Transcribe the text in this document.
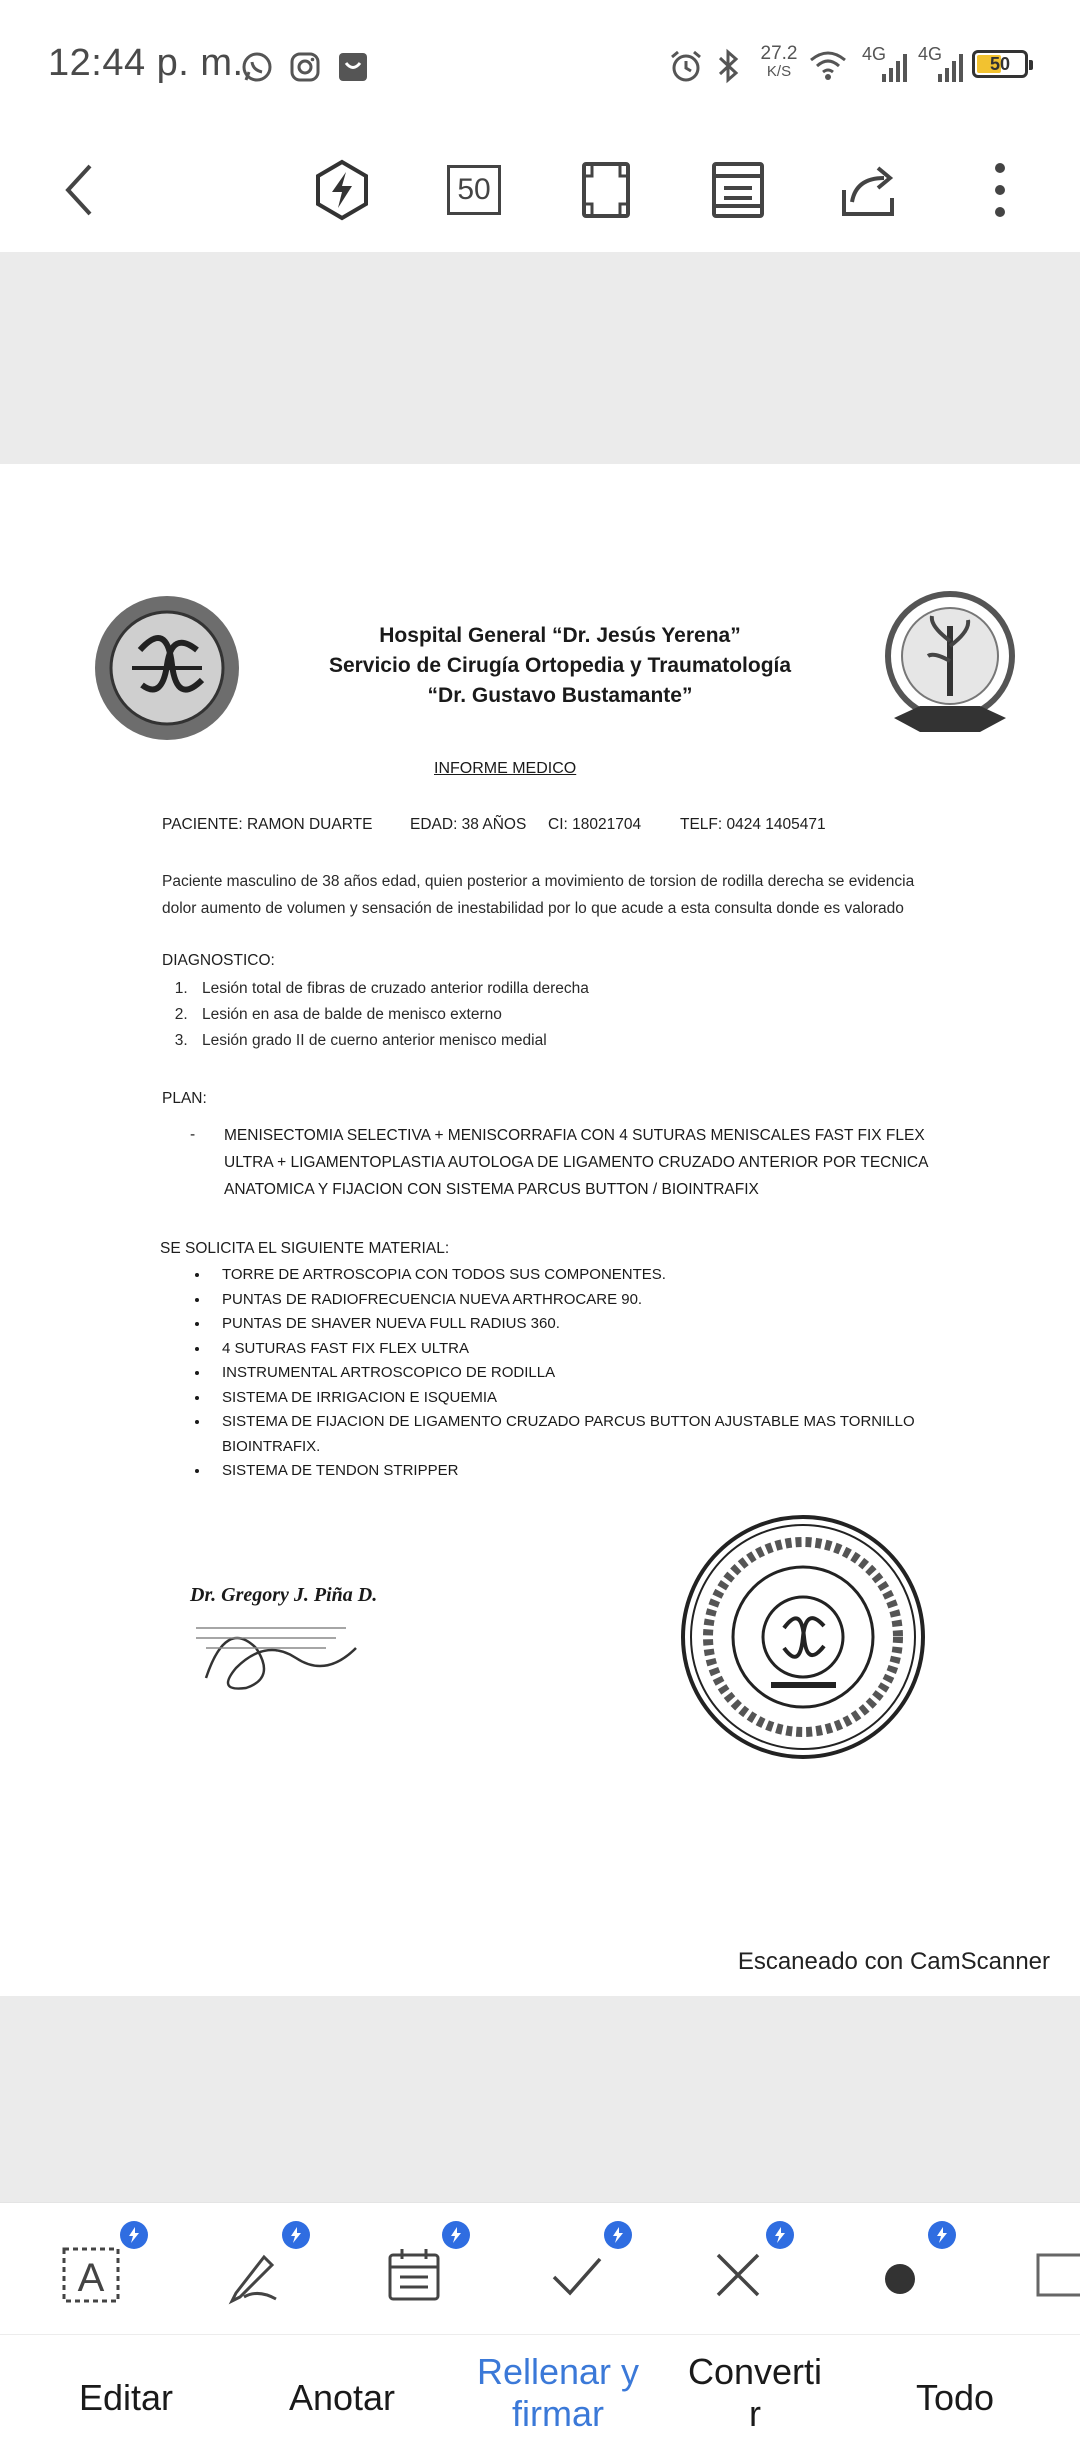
12:44 p. m.	27.2
K/S
4G 4G	50
50
Hospital General “Dr. Jesús Yerena”
Servicio de Cirugía Ortopedia y Traumatología
“Dr. Gustavo Bustamante”
INFORME MEDICO
PACIENTE: RAMON DUARTE EDAD: 38 AÑOS CI: 18021704	TELF: 0424 1405471
Paciente masculino de 38 años edad, quien posterior a movimiento de torsion de rodilla derecha se evidencia dolor aumento de volumen y sensación de inestabilidad por lo que acude a esta consulta donde es valorado
DIAGNOSTICO:
1. Lesión total de fibras de cruzado anterior rodilla derecha
2. Lesión en asa de balde de menisco externo
3. Lesión grado II de cuerno anterior menisco medial
PLAN:
- MENISECTOMIA SELECTIVA + MENISCORRAFIA CON 4 SUTURAS MENISCALES FAST FIX FLEX ULTRA + LIGAMENTOPLASTIA AUTOLOGA DE LIGAMENTO CRUZADO ANTERIOR POR TECNICA ANATOMICA Y FIJACION CON SISTEMA PARCUS BUTTON / BIOINTRAFIX
SE SOLICITA EL SIGUIENTE MATERIAL:
• TORRE DE ARTROSCOPIA CON TODOS SUS COMPONENTES.
• PUNTAS DE RADIOFRECUENCIA NUEVA ARTHROCARE 90.
• PUNTAS DE SHAVER NUEVA FULL RADIUS 360.
• 4 SUTURAS FAST FIX FLEX ULTRA
• INSTRUMENTAL ARTROSCOPICO DE RODILLA
• SISTEMA DE IRRIGACION E ISQUEMIA
• SISTEMA DE FIJACION DE LIGAMENTO CRUZADO PARCUS BUTTON AJUSTABLE MAS TORNILLO BIOINTRAFIX.
• SISTEMA DE TENDON STRIPPER
Dr. Gregory J. Piña D.
Escaneado con CamScanner
A
Editar	Anotar
Rellenar y firmar
Converti r	Todo
